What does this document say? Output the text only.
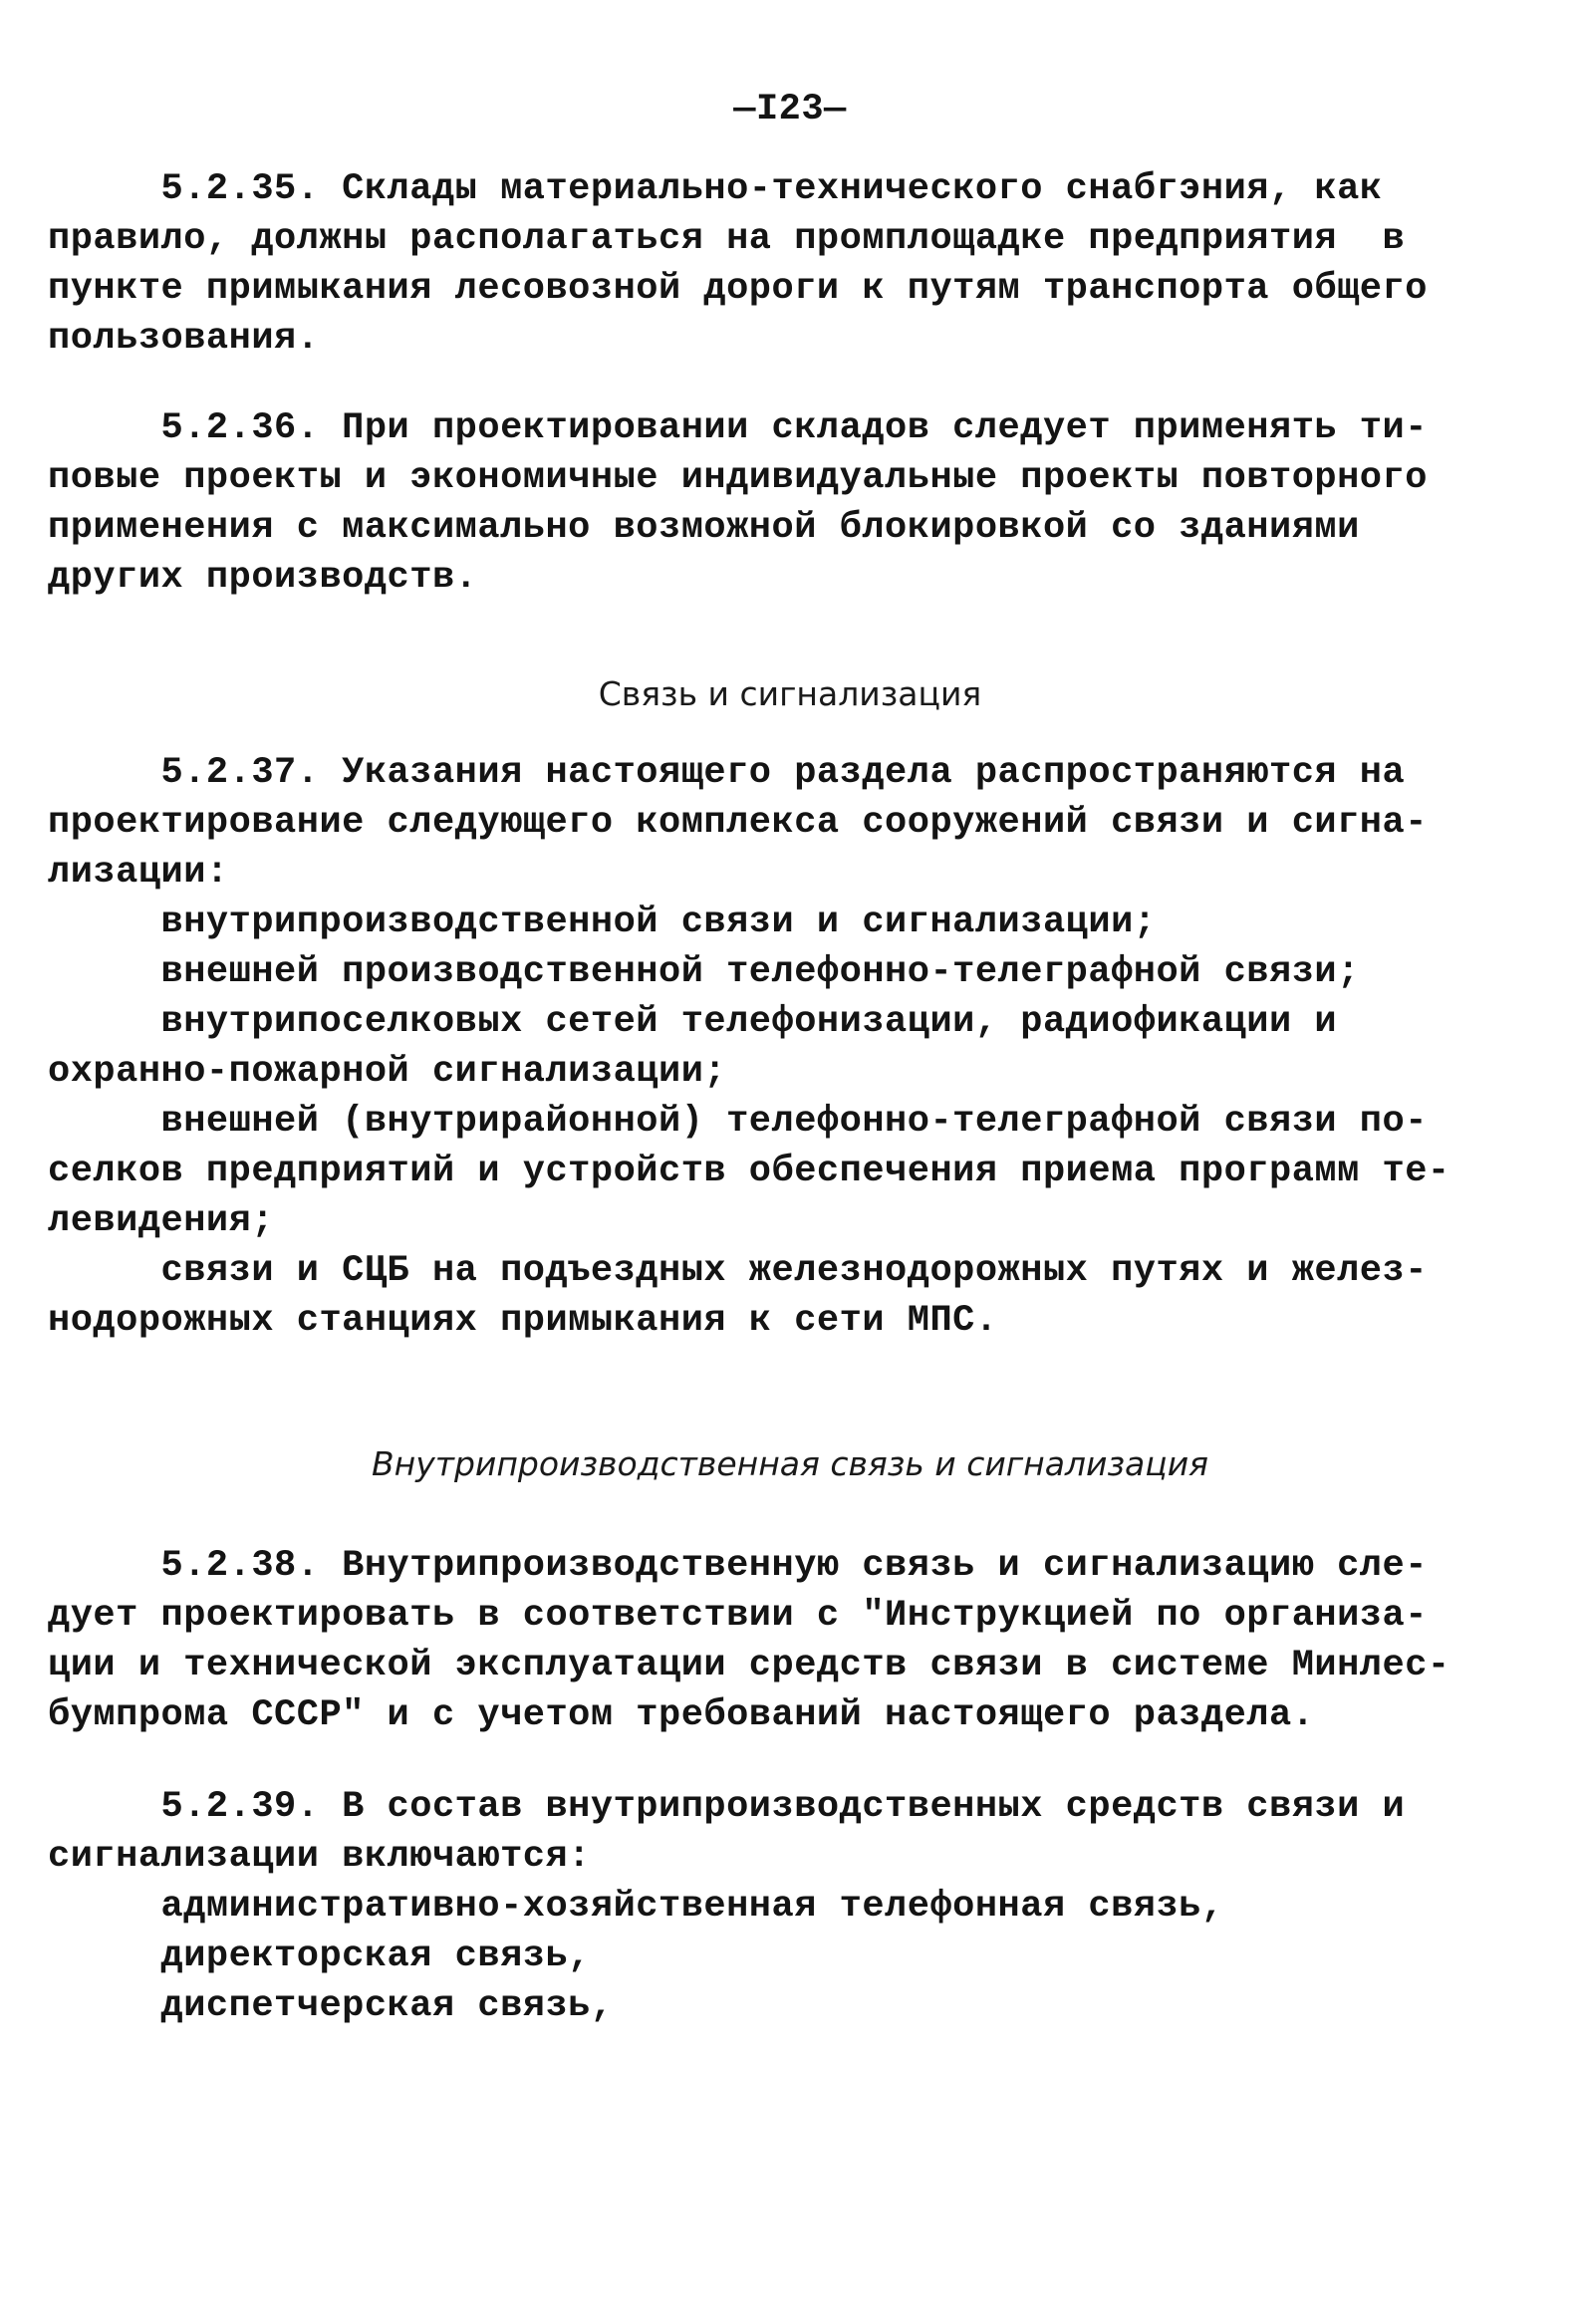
—I23—
5.2.35. Склады материально-технического снабгэния, как
правило, должны располагаться на промплощадке предприятия  в
пункте примыкания лесовозной дороги к путям транспорта общего
пользования.
5.2.36. При проектировании складов следует применять ти-
повые проекты и экономичные индивидуальные проекты повторного
применения с максимально возможной блокировкой со зданиями
других производств.
Связь и сигнализация
5.2.37. Указания настоящего раздела распространяются на
проектирование следующего комплекса сооружений связи и сигна-
лизации:
внутрипроизводственной связи и сигнализации;
внешней производственной телефонно-телеграфной связи;
внутрипоселковых сетей телефонизации, радиофикации и
охранно-пожарной сигнализации;
внешней (внутрирайонной) телефонно-телеграфной связи по-
селков предприятий и устройств обеспечения приема программ те-
левидения;
связи и СЦБ на подъездных железнодорожных путях и желез-
нодорожных станциях примыкания к сети МПС.
Внутрипроизводственная связь и сигнализация
5.2.38. Внутрипроизводственную связь и сигнализацию сле-
дует проектировать в соответствии с "Инструкцией по организа-
ции и технической эксплуатации средств связи в системе Минлес-
бумпрома СССР" и с учетом требований настоящего раздела.
5.2.39. В состав внутрипроизводственных средств связи и
сигнализации включаются:
административно-хозяйственная телефонная связь,
директорская связь,
диспетчерская связь,
